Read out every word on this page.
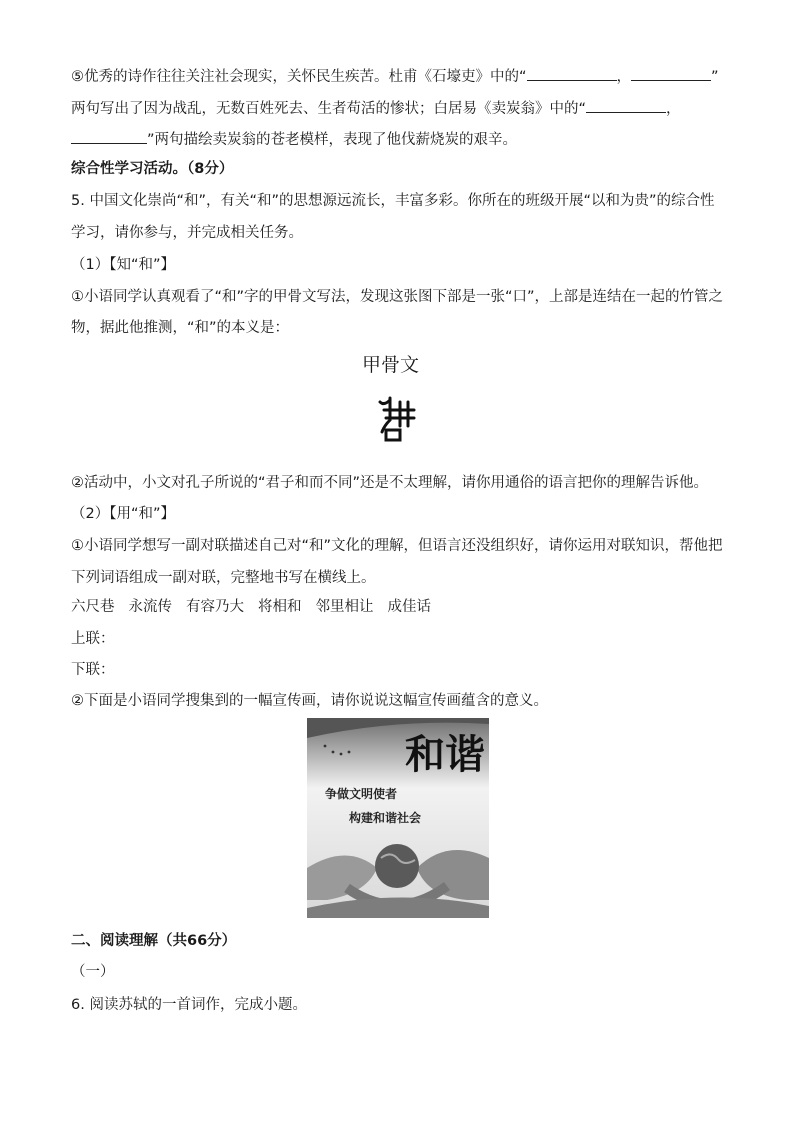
⑤优秀的诗作往往关注社会现实，关怀民生疾苦。杜甫《石壕吏》中的“	，	”
两句写出了因为战乱，无数百姓死去、生者苟活的惨状；白居易《卖炭翁》中的“	，
”两句描绘卖炭翁的苍老模样，表现了他伐薪烧炭的艰辛。
综合性学习活动。（8分）
5. 中国文化崇尚“和”，有关“和”的思想源远流长，丰富多彩。你所在的班级开展“以和为贵”的综合性
学习，请你参与，并完成相关任务。
（1）【知“和”】
①小语同学认真观看了“和”字的甲骨文写法，发现这张图下部是一张“口”，上部是连结在一起的竹管之
物，据此他推测，“和”的本义是：
甲骨文
②活动中，小文对孔子所说的“君子和而不同”还是不太理解，请你用通俗的语言把你的理解告诉他。
（2）【用“和”】
①小语同学想写一副对联描述自己对“和”文化的理解，但语言还没组织好，请你运用对联知识，帮他把
下列词语组成一副对联，完整地书写在横线上。
六尺巷 永流传 有容乃大 将相和 邻里相让 成佳话
上联：
下联：
②下面是小语同学搜集到的一幅宣传画，请你说说这幅宣传画蕴含的意义。
和谐
争做文明使者
构建和谐社会
二、阅读理解（共66分）
（一）
6. 阅读苏轼的一首词作，完成小题。
